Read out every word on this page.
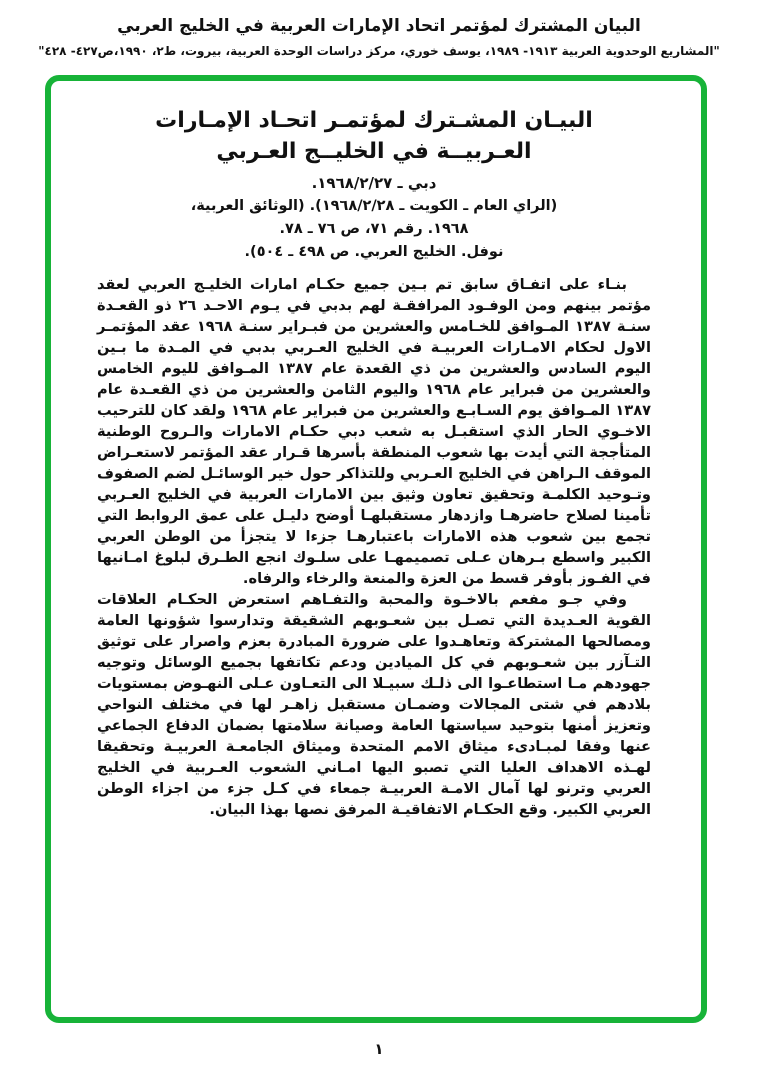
البيان المشترك لمؤتمر اتحاد الإمارات العربية في الخليج العربي
"المشاريع الوحدوية العربية ١٩١٣- ١٩٨٩، يوسف خوري، مركز دراسات الوحدة العربية، بيروت، ط٢، ١٩٩٠،ص٤٢٧- ٤٢٨"
البيـان المشـترك لمؤتمـر اتحـاد الإمـارات
العـربيــة في الخليــج العـربي
دبي ـ ١٩٦٨/٢/٢٧.
(الراي العام ـ الكويت ـ ١٩٦٨/٢/٢٨). (الوثائق العربية،
١٩٦٨. رقم ٧١، ص ٧٦ ـ ٧٨.
نوفل. الخليج العربي. ص ٤٩٨ ـ ٥٠٤).

بنـاء على اتفـاق سابق تم بـين جميع حكـام امارات الخليـج العربي لعقد مؤتمر بينهم ومن الوفـود المرافقـة لهم بدبي في يـوم الاحـد ٢٦ ذو القعـدة سنـة ١٣٨٧ المـوافق للخـامس والعشرين من فبـراير سنـة ١٩٦٨ عقد المؤتمـر الاول لحكام الامـارات العربيـة في الخليج العـربي بدبي في المـدة ما بـين اليوم السادس والعشرين من ذي القعدة عام ١٣٨٧ المـوافق لليوم الخامس والعشرين من فبراير عام ١٩٦٨ واليوم الثامن والعشرين من ذي القعـدة عام ١٣٨٧ المـوافق يوم السـابـع والعشرين من فبراير عام ١٩٦٨ ولقد كان للترحيب الاخـوي الحار الذي استقبـل به شعب دبي حكـام الامارات والـروح الوطنية المتأججة التي أيدت بها شعوب المنطقة بأسرها قـرار عقد المؤتمر لاستعـراض الموقف الـراهن في الخليج العـربي وللتذاكر حول خير الوسائـل لضم الصفوف وتـوحيد الكلمـة وتحقيق تعاون وثيق بين الامارات العربية في الخليج العـربي تأمينا لصلاح حاضرهـا وازدهار مستقبلهـا أوضح دليـل على عمق الروابط التي تجمع بين شعوب هذه الامارات باعتبارهـا جزءا لا يتجزأ من الوطن العربي الكبير واسطع بـرهان عـلى تصميمهـا على سلـوك انجع الطـرق لبلوغ امـانيها في الفـوز بأوفر قسط من العزة والمنعة والرخاء والرفاه.

وفي جـو مفعم بالاخـوة والمحبة والتفـاهم استعرض الحكـام العلاقات القوية العـديدة التي تصـل بين شعـوبهم الشقيقة وتدارسوا شؤونها العامة ومصالحها المشتركة وتعاهـدوا على ضرورة المبادرة بعزم واصرار على توثيق التـآزر بين شعـوبهم في كل الميادين ودعم تكاتفها بجميع الوسائل وتوجيه جهودهم مـا استطاعـوا الى ذلـك سبيـلا الى التعـاون عـلى النهـوض بمستويات بلادهم في شتى المجالات وضمـان مستقبل زاهـر لها في مختلف النواحي وتعزيز أمنها بتوحيد سياستها العامة وصيانة سلامتها بضمان الدفاع الجماعي عنها وفقا لمبـادىء ميثاق الامم المتحدة وميثاق الجامعـة العربيـة وتحقيقا لهـذه الاهداف العليا التي تصبو اليها امـاني الشعوب العـربية في الخليج العربي وترنو لها آمال الامـة العربيـة جمعاء في كـل جزء من اجزاء الوطن العربي الكبير. وقع الحكـام الاتفاقيـة المرفق نصها بهذا البيان.

١
